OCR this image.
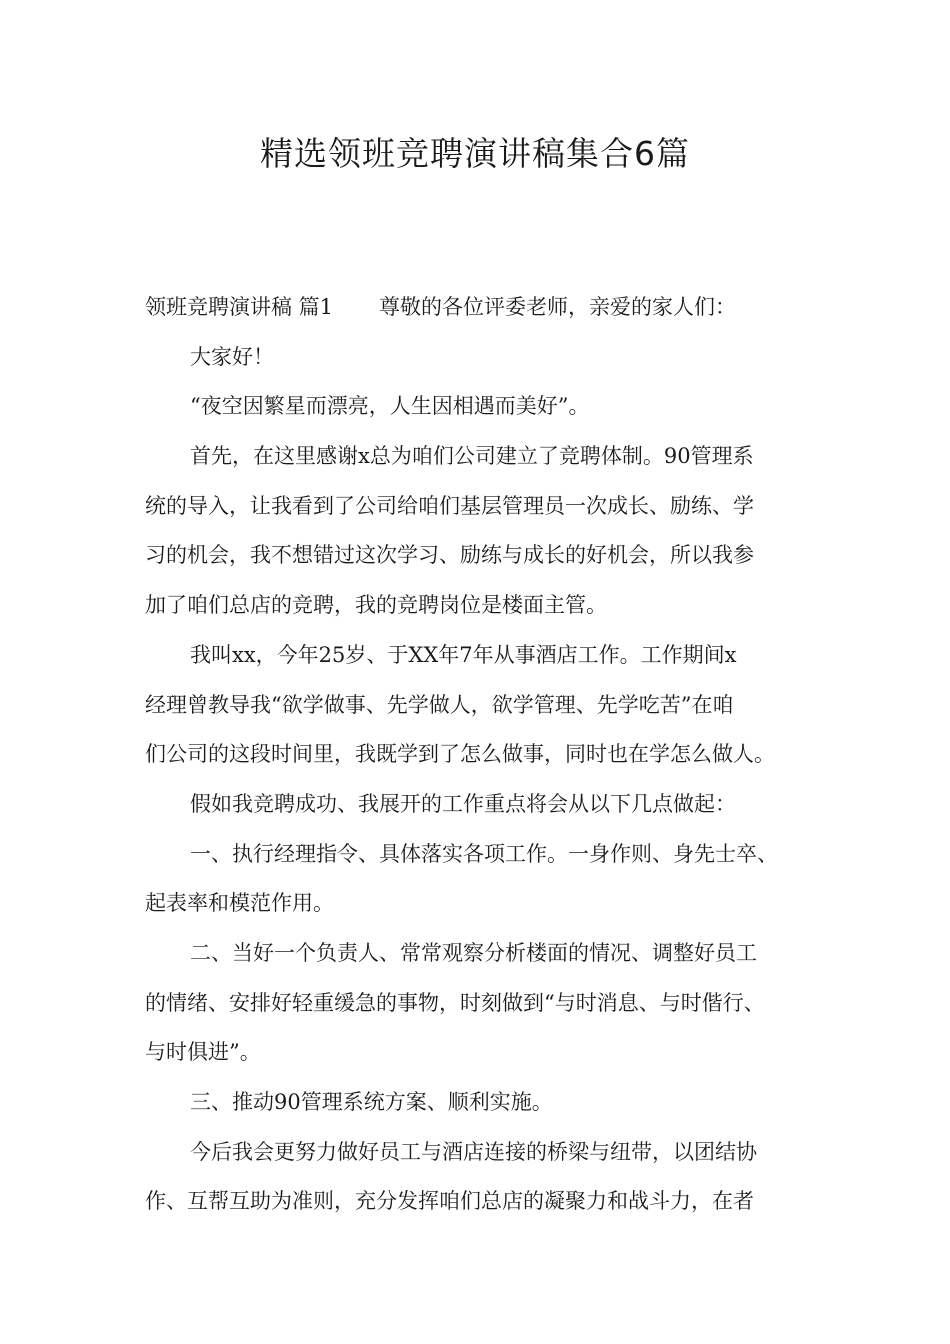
精选领班竞聘演讲稿集合6篇
领班竞聘演讲稿 篇1 尊敬的各位评委老师，亲爱的家人们：
大家好！
“夜空因繁星而漂亮，人生因相遇而美好”。
首先，在这里感谢x总为咱们公司建立了竞聘体制。90管理系
统的导入，让我看到了公司给咱们基层管理员一次成长、励练、学
习的机会，我不想错过这次学习、励练与成长的好机会，所以我参
加了咱们总店的竞聘，我的竞聘岗位是楼面主管。
我叫xx，今年25岁、于XX年7年从事酒店工作。工作期间x
经理曾教导我“欲学做事、先学做人，欲学管理、先学吃苦”在咱
们公司的这段时间里，我既学到了怎么做事，同时也在学怎么做人。
假如我竞聘成功、我展开的工作重点将会从以下几点做起：
一、执行经理指令、具体落实各项工作。一身作则、身先士卒、
起表率和模范作用。
二、当好一个负责人、常常观察分析楼面的情况、调整好员工
的情绪、安排好轻重缓急的事物，时刻做到“与时消息、与时偕行、
与时俱进”。
三、推动90管理系统方案、顺利实施。
今后我会更努力做好员工与酒店连接的桥梁与纽带，以团结协
作、互帮互助为准则，充分发挥咱们总店的凝聚力和战斗力，在者
